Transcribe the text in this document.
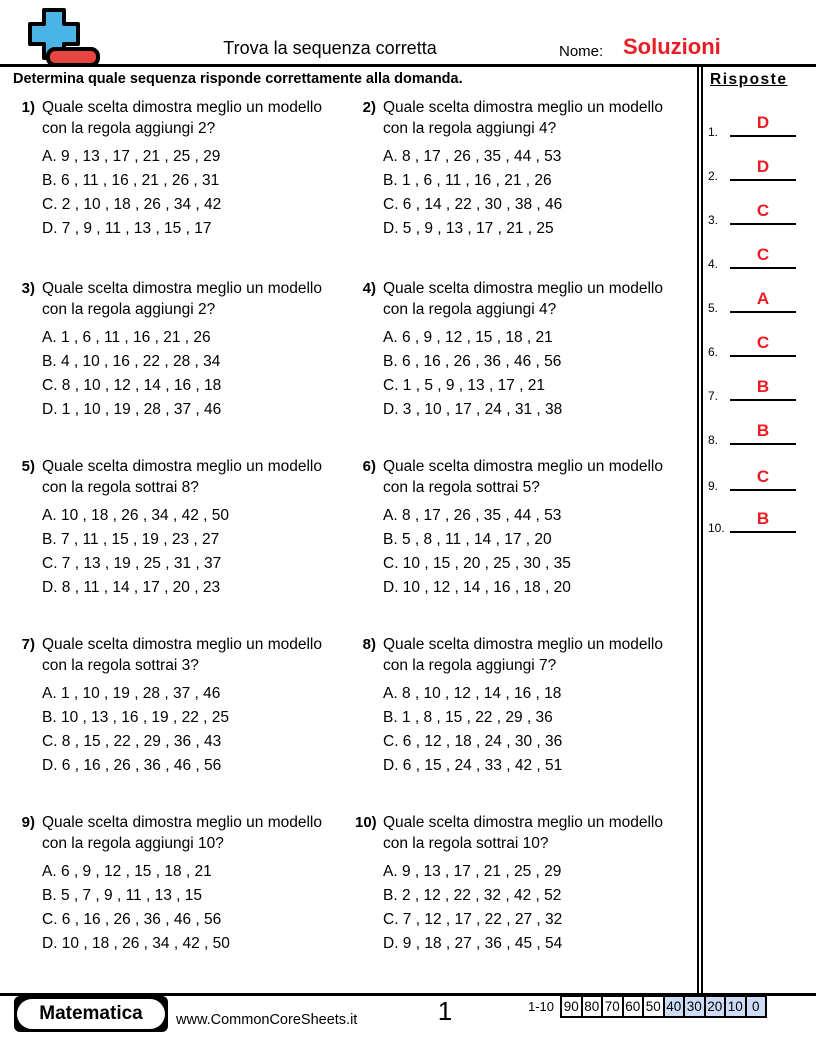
Trova la sequenza corretta	Nome: Soluzioni
Determina quale sequenza risponde correttamente alla domanda.	Risposte
1.	D
2.	D
3.	C
4.	C
5.	A
6.	C
7.	B
8.	B
9.	C
10.	B
1) Quale scelta dimostra meglio un modello
con la regola aggiungi 2?
A. 9 , 13 , 17 , 21 , 25 , 29
B. 6 , 11 , 16 , 21 , 26 , 31
C. 2 , 10 , 18 , 26 , 34 , 42
D. 7 , 9 , 11 , 13 , 15 , 17
2) Quale scelta dimostra meglio un modello
con la regola aggiungi 4?
A. 8 , 17 , 26 , 35 , 44 , 53
B. 1 , 6 , 11 , 16 , 21 , 26
C. 6 , 14 , 22 , 30 , 38 , 46
D. 5 , 9 , 13 , 17 , 21 , 25
3) Quale scelta dimostra meglio un modello
con la regola aggiungi 2?
A. 1 , 6 , 11 , 16 , 21 , 26
B. 4 , 10 , 16 , 22 , 28 , 34
C. 8 , 10 , 12 , 14 , 16 , 18
D. 1 , 10 , 19 , 28 , 37 , 46
4) Quale scelta dimostra meglio un modello
con la regola aggiungi 4?
A. 6 , 9 , 12 , 15 , 18 , 21
B. 6 , 16 , 26 , 36 , 46 , 56
C. 1 , 5 , 9 , 13 , 17 , 21
D. 3 , 10 , 17 , 24 , 31 , 38
5) Quale scelta dimostra meglio un modello
con la regola sottrai 8?
A. 10 , 18 , 26 , 34 , 42 , 50
B. 7 , 11 , 15 , 19 , 23 , 27
C. 7 , 13 , 19 , 25 , 31 , 37
D. 8 , 11 , 14 , 17 , 20 , 23
6) Quale scelta dimostra meglio un modello
con la regola sottrai 5?
A. 8 , 17 , 26 , 35 , 44 , 53
B. 5 , 8 , 11 , 14 , 17 , 20
C. 10 , 15 , 20 , 25 , 30 , 35
D. 10 , 12 , 14 , 16 , 18 , 20
7) Quale scelta dimostra meglio un modello
con la regola sottrai 3?
A. 1 , 10 , 19 , 28 , 37 , 46
B. 10 , 13 , 16 , 19 , 22 , 25
C. 8 , 15 , 22 , 29 , 36 , 43
D. 6 , 16 , 26 , 36 , 46 , 56
8) Quale scelta dimostra meglio un modello
con la regola aggiungi 7?
A. 8 , 10 , 12 , 14 , 16 , 18
B. 1 , 8 , 15 , 22 , 29 , 36
C. 6 , 12 , 18 , 24 , 30 , 36
D. 6 , 15 , 24 , 33 , 42 , 51
9) Quale scelta dimostra meglio un modello
con la regola aggiungi 10?
A. 6 , 9 , 12 , 15 , 18 , 21
B. 5 , 7 , 9 , 11 , 13 , 15
C. 6 , 16 , 26 , 36 , 46 , 56
D. 10 , 18 , 26 , 34 , 42 , 50
10) Quale scelta dimostra meglio un modello
con la regola sottrai 10?
A. 9 , 13 , 17 , 21 , 25 , 29
B. 2 , 12 , 22 , 32 , 42 , 52
C. 7 , 12 , 17 , 22 , 27 , 32
D. 9 , 18 , 27 , 36 , 45 , 54
Matematica	www.CommonCoreSheets.it	1	1-10 90 80 70 60 50 40 30 20 10 0
